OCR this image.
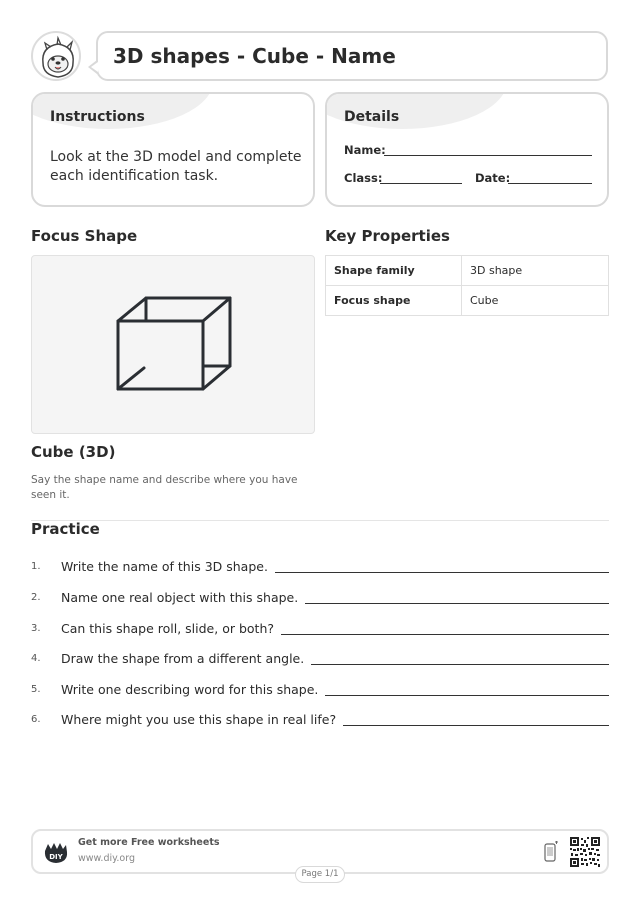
3D shapes - Cube - Name
Instructions

Look at the 3D model and complete each identification task.

Details
Name:
Class:	Date:
Focus Shape	Key Properties
Shape family	3D shape
Focus shape	Cube
Cube (3D)
Say the shape name and describe where you have seen it.
Practice
1.	Write the name of this 3D shape.
2.	Name one real object with this shape.
3.	Can this shape roll, slide, or both?
4.	Draw the shape from a different angle.
5.	Write one describing word for this shape.
6.	Where might you use this shape in real life?
DIY
Get more Free worksheets
www.diy.org
Page 1/1
